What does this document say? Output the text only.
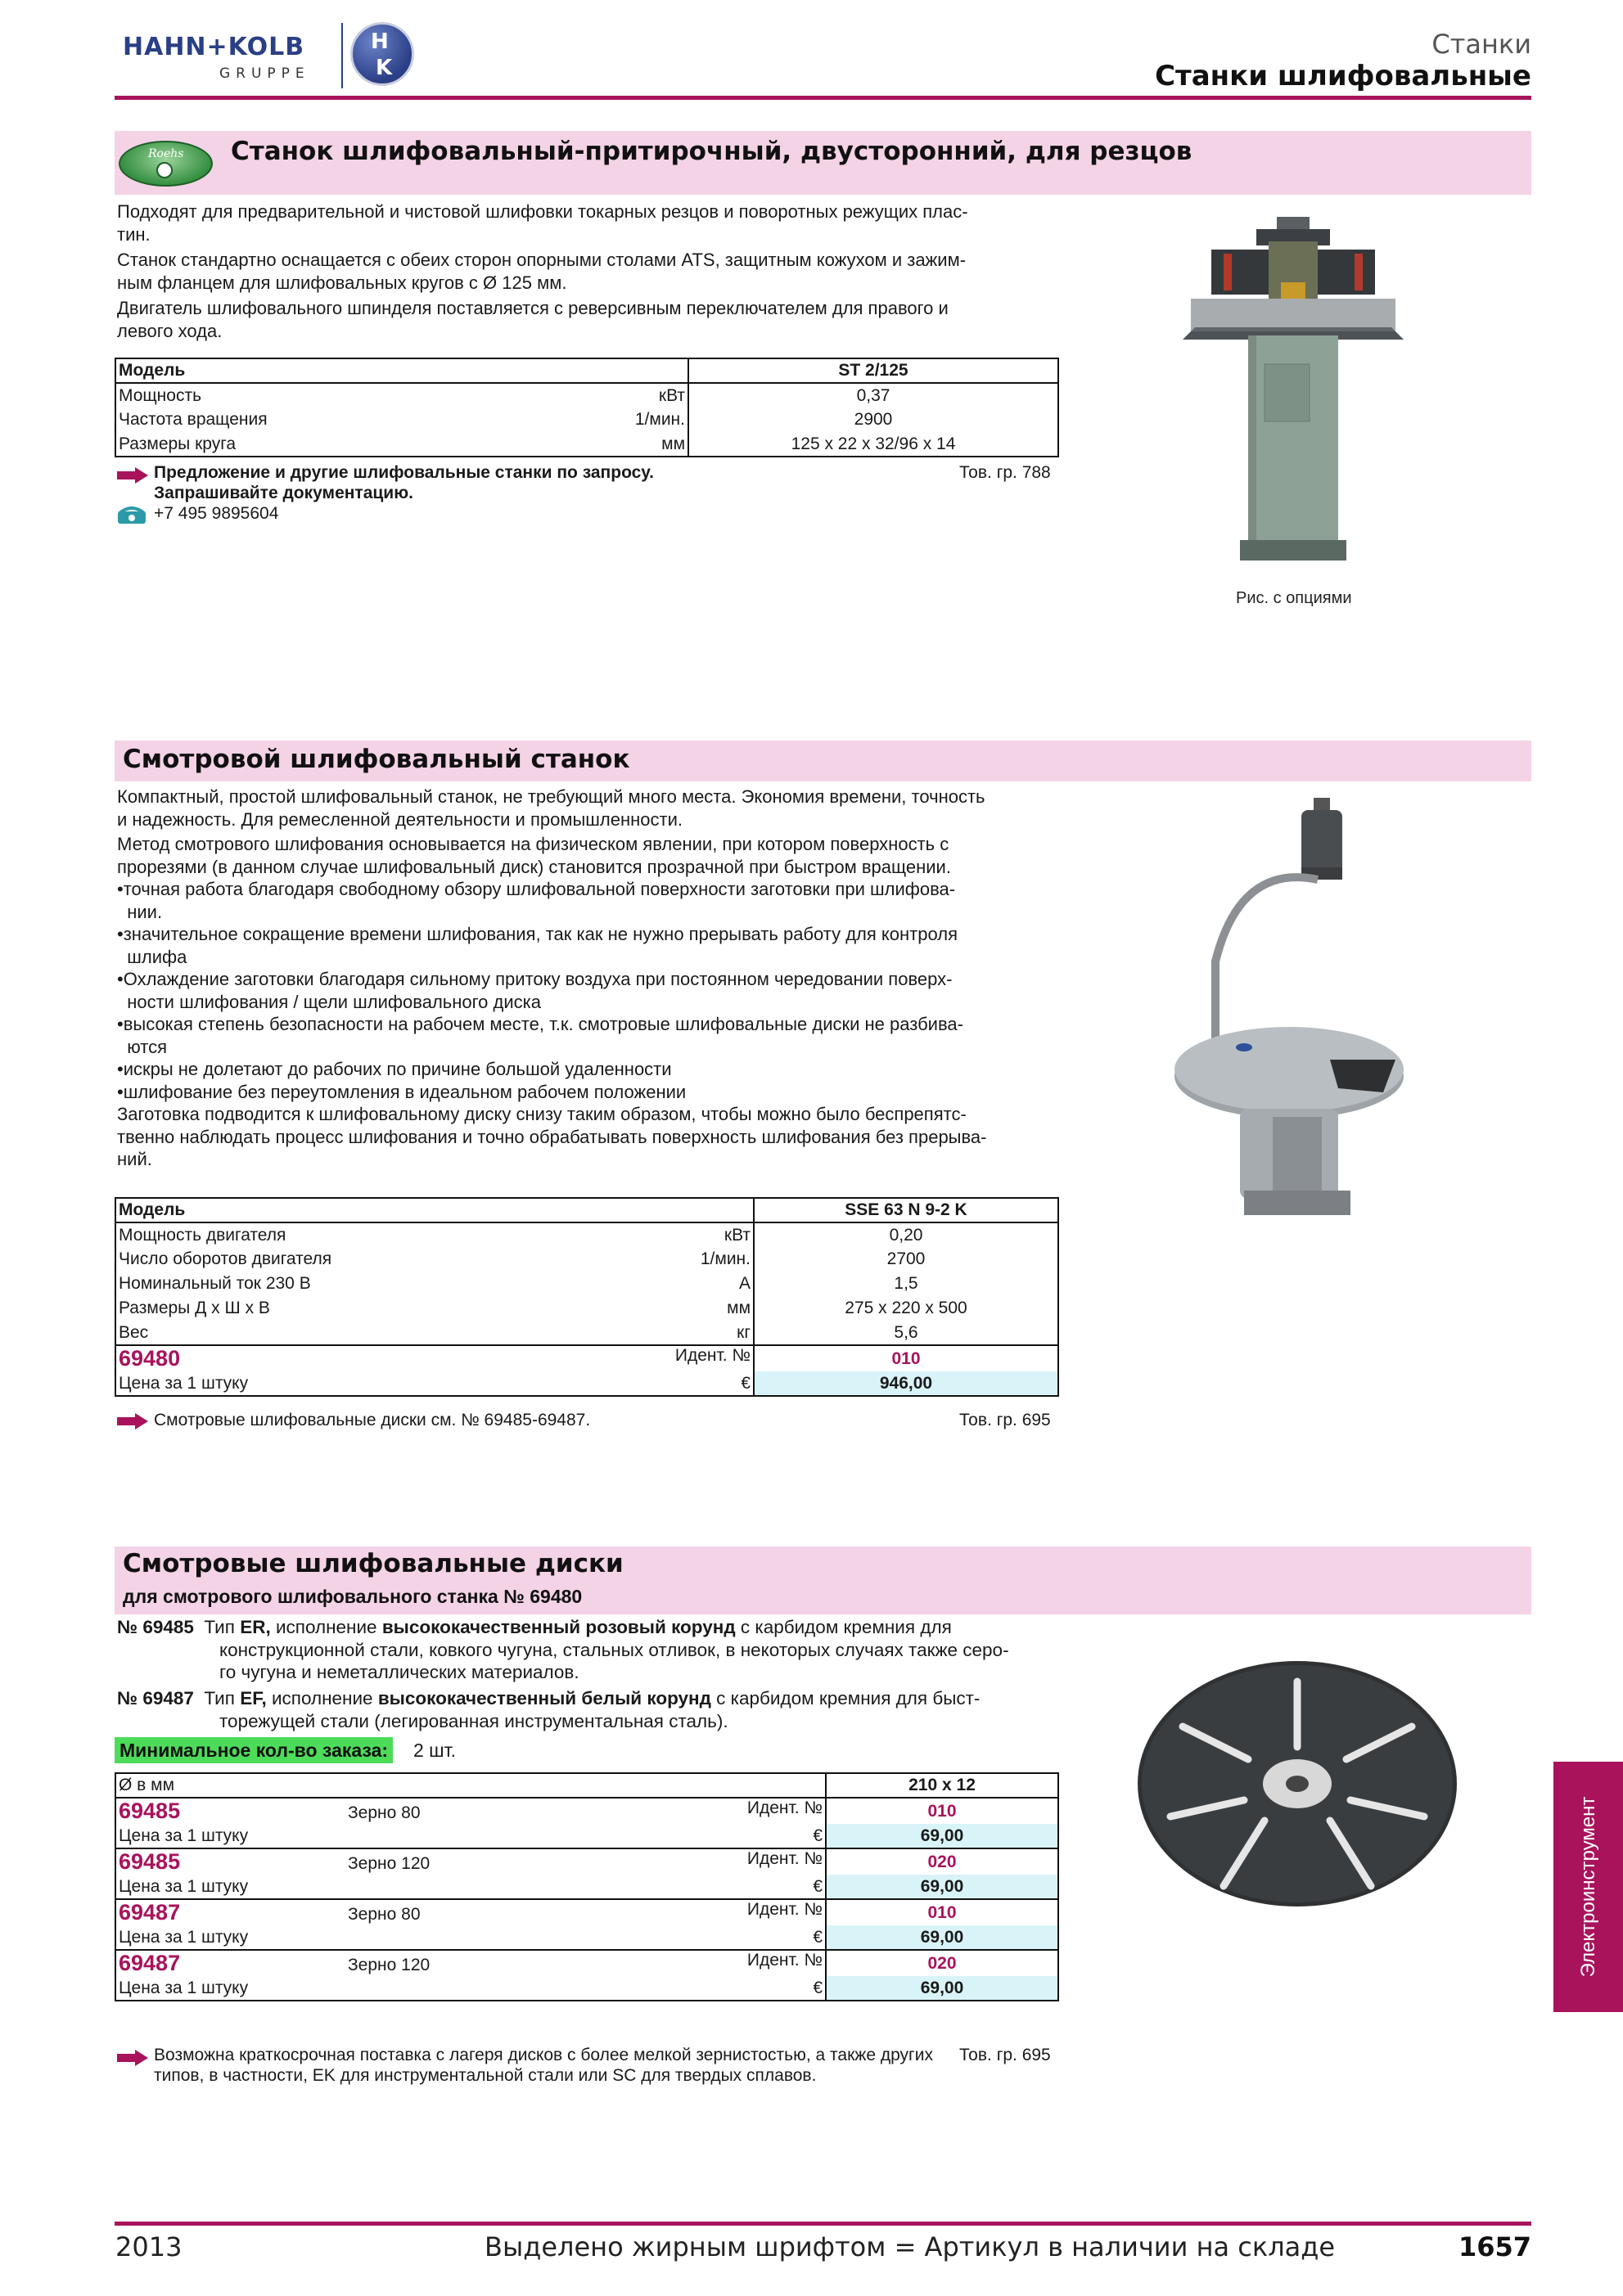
HAHN+KOLB
GRUPPE
H
K
Станки
Станки шлифовальные
Roehs Станок шлифовальный-притирочный, двусторонний, для резцов
Подходят для предварительной и чистовой шлифовки токарных резцов и поворотных режущих плас-
тин.
Станок стандартно оснащается с обеих сторон опорными столами ATS, защитным кожухом и зажим-
ным фланцем для шлифовальных кругов с Ø 125 мм.
Двигатель шлифовального шпинделя поставляется с реверсивным переключателем для правого и
левого хода.
Модель	ST 2/125

Мощность кВт	0,37

Частота вращения 1/мин.	2900

Размеры круга мм	125 x 22 x 32/96 x 14
Предложение и другие шлифовальные станки по запросу.
Запрашивайте документацию.
Тов. гр. 788
+7 495 9895604
Рис. с опциями
Смотровой шлифовальный станок
Компактный, простой шлифовальный станок, не требующий много места. Экономия времени, точность
и надежность. Для ремесленной деятельности и промышленности.
Метод смотрового шлифования основывается на физическом явлении, при котором поверхность с
прорезями (в данном случае шлифовальный диск) становится прозрачной при быстром вращении.
•точная работа благодаря свободному обзору шлифовальной поверхности заготовки при шлифова-
нии.
•значительное сокращение времени шлифования, так как не нужно прерывать работу для контроля
шлифа
•Охлаждение заготовки благодаря сильному притоку воздуха при постоянном чередовании поверх-
ности шлифования / щели шлифовального диска
•высокая степень безопасности на рабочем месте, т.к. смотровые шлифовальные диски не разбива-
ются
•искры не долетают до рабочих по причине большой удаленности
•шлифование без переутомления в идеальном рабочем положении
Заготовка подводится к шлифовальному диску снизу таким образом, чтобы можно было беспрепятс-
твенно наблюдать процесс шлифования и точно обрабатывать поверхность шлифования без прерыва-
ний.
Модель	SSE 63 N 9-2 K

Мощность двигателя кВт	0,20

Число оборотов двигателя 1/мин.	2700

Номинальный ток 230 В А	1,5

Размеры Д х Ш х В мм	275 x 220 x 500

Вес кг	5,6

69480 Идент. №	010

Цена за 1 штуку €	946,00
Смотровые шлифовальные диски см. № 69485-69487.	Тов. гр. 695
Смотровые шлифовальные диски
для смотрового шлифовального станка № 69480
№ 69485 Тип ER, исполнение высококачественный розовый корунд с карбидом кремния для
конструкционной стали, ковкого чугуна, стальных отливок, в некоторых случаях также серо-
го чугуна и неметаллических материалов.
№ 69487 Тип EF, исполнение высококачественный белый корунд с карбидом кремния для быст-
торежущей стали (легированная инструментальная сталь).
Минимальное кол-во заказа: 2 шт.
Ø в мм	210 x 12
69485 Зерно 80 Идент. №	010

Цена за 1 штуку €	69,00
69485 Зерно 120 Идент. №	020

Цена за 1 штуку €	69,00
69487 Зерно 80 Идент. №	010

Цена за 1 штуку €	69,00
69487 Зерно 120 Идент. №	020

Цена за 1 штуку €	69,00
Возможна краткосрочная поставка с лагеря дисков с более мелкой зернистостью, а также других
типов, в частности, EK для инструментальной стали или SC для твердых сплавов.
Тов. гр. 695
Электроинструмент
2013	Выделено жирным шрифтом = Артикул в наличии на складе	1657
